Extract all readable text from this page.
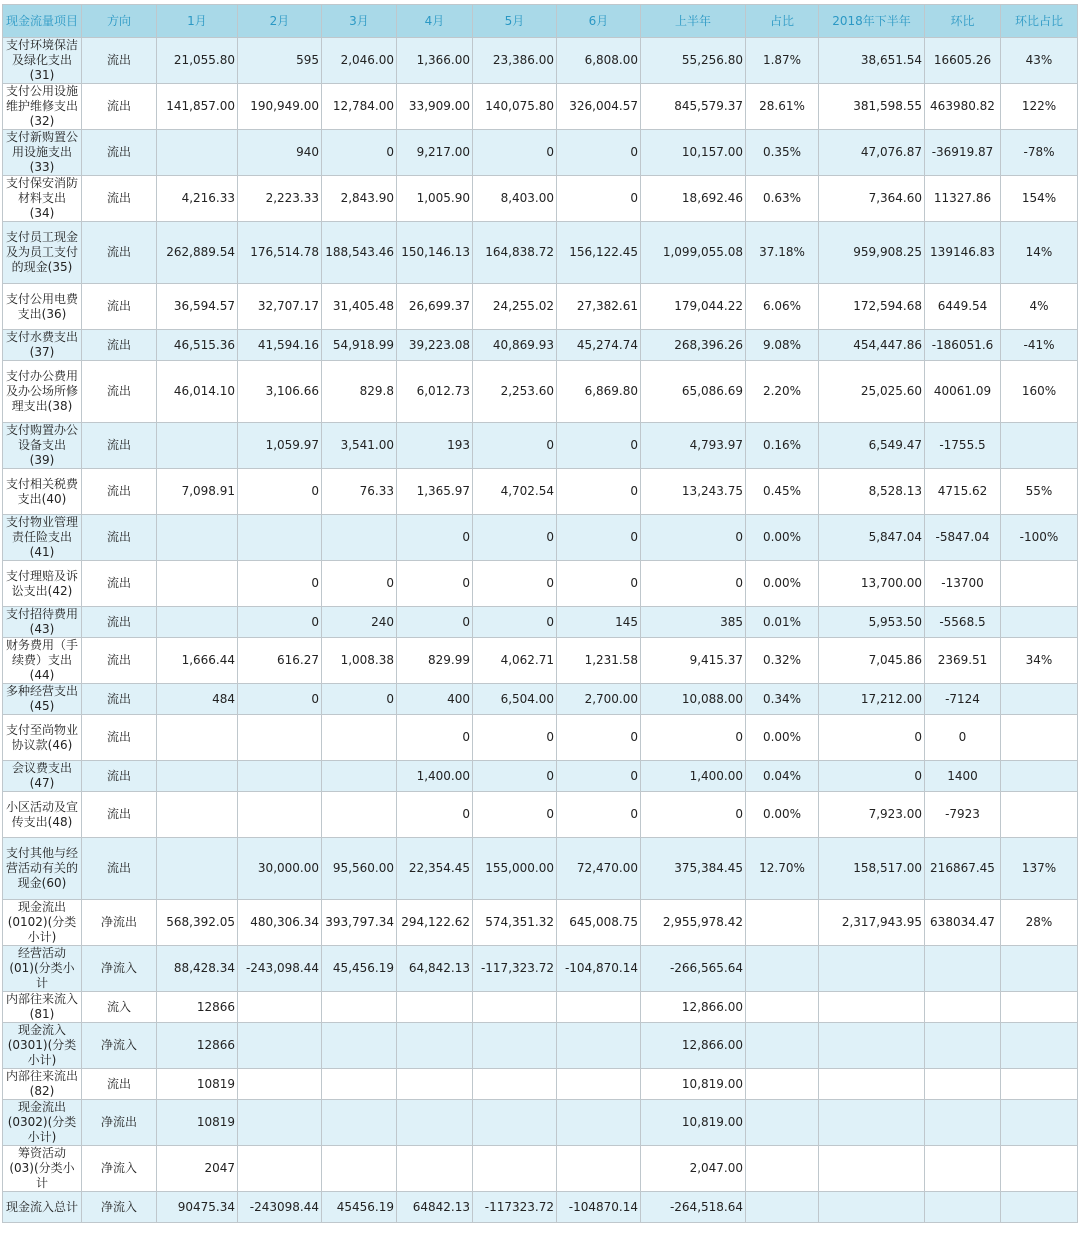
现金流量项目	方向	1月	2月	3月	4月	5月	6月	上半年	占比	2018年下半年	环比	环比占比
支付环境保洁及绿化支出(31)	流出	21,055.80	595	2,046.00	1,366.00	23,386.00	6,808.00	55,256.80	1.87%	38,651.54	16605.26	43%
支付公用设施维护维修支出(32)	流出	141,857.00	190,949.00	12,784.00	33,909.00	140,075.80	326,004.57	845,579.37	28.61%	381,598.55	463980.82	122%
支付新购置公用设施支出(33)	流出		940	0	9,217.00	0	0	10,157.00	0.35%	47,076.87	-36919.87	-78%
支付保安消防材料支出(34)	流出	4,216.33	2,223.33	2,843.90	1,005.90	8,403.00	0	18,692.46	0.63%	7,364.60	11327.86	154%
支付员工现金及为员工支付的现金(35)	流出	262,889.54	176,514.78	188,543.46	150,146.13	164,838.72	156,122.45	1,099,055.08	37.18%	959,908.25	139146.83	14%
支付公用电费支出(36)	流出	36,594.57	32,707.17	31,405.48	26,699.37	24,255.02	27,382.61	179,044.22	6.06%	172,594.68	6449.54	4%
支付水费支出(37)	流出	46,515.36	41,594.16	54,918.99	39,223.08	40,869.93	45,274.74	268,396.26	9.08%	454,447.86	-186051.6	-41%
支付办公费用及办公场所修理支出(38)	流出	46,014.10	3,106.66	829.8	6,012.73	2,253.60	6,869.80	65,086.69	2.20%	25,025.60	40061.09	160%
支付购置办公设备支出(39)	流出		1,059.97	3,541.00	193	0	0	4,793.97	0.16%	6,549.47	-1755.5	
支付相关税费支出(40)	流出	7,098.91	0	76.33	1,365.97	4,702.54	0	13,243.75	0.45%	8,528.13	4715.62	55%
支付物业管理责任险支出(41)	流出				0	0	0	0	0.00%	5,847.04	-5847.04	-100%
支付理赔及诉讼支出(42)	流出		0	0	0	0	0	0	0.00%	13,700.00	-13700	
支付招待费用(43)	流出		0	240	0	0	145	385	0.01%	5,953.50	-5568.5	
财务费用（手续费）支出(44)	流出	1,666.44	616.27	1,008.38	829.99	4,062.71	1,231.58	9,415.37	0.32%	7,045.86	2369.51	34%
多种经营支出(45)	流出	484	0	0	400	6,504.00	2,700.00	10,088.00	0.34%	17,212.00	-7124	
支付至尚物业协议款(46)	流出				0	0	0	0	0.00%	0	0	
会议费支出(47)	流出				1,400.00	0	0	1,400.00	0.04%	0	1400	
小区活动及宣传支出(48)	流出				0	0	0	0	0.00%	7,923.00	-7923	
支付其他与经营活动有关的现金(60)	流出		30,000.00	95,560.00	22,354.45	155,000.00	72,470.00	375,384.45	12.70%	158,517.00	216867.45	137%
现金流出(0102)(分类小计)	净流出	568,392.05	480,306.34	393,797.34	294,122.62	574,351.32	645,008.75	2,955,978.42		2,317,943.95	638034.47	28%
经营活动(01)(分类小计	净流入	88,428.34	-243,098.44	45,456.19	64,842.13	-117,323.72	-104,870.14	-266,565.64				
内部往来流入(81)	流入	12866						12,866.00				
现金流入(0301)(分类小计)	净流入	12866						12,866.00				
内部往来流出(82)	流出	10819						10,819.00				
现金流出(0302)(分类小计)	净流出	10819						10,819.00				
筹资活动(03)(分类小计	净流入	2047						2,047.00				
现金流入总计	净流入	90475.34	-243098.44	45456.19	64842.13	-117323.72	-104870.14	-264,518.64				
